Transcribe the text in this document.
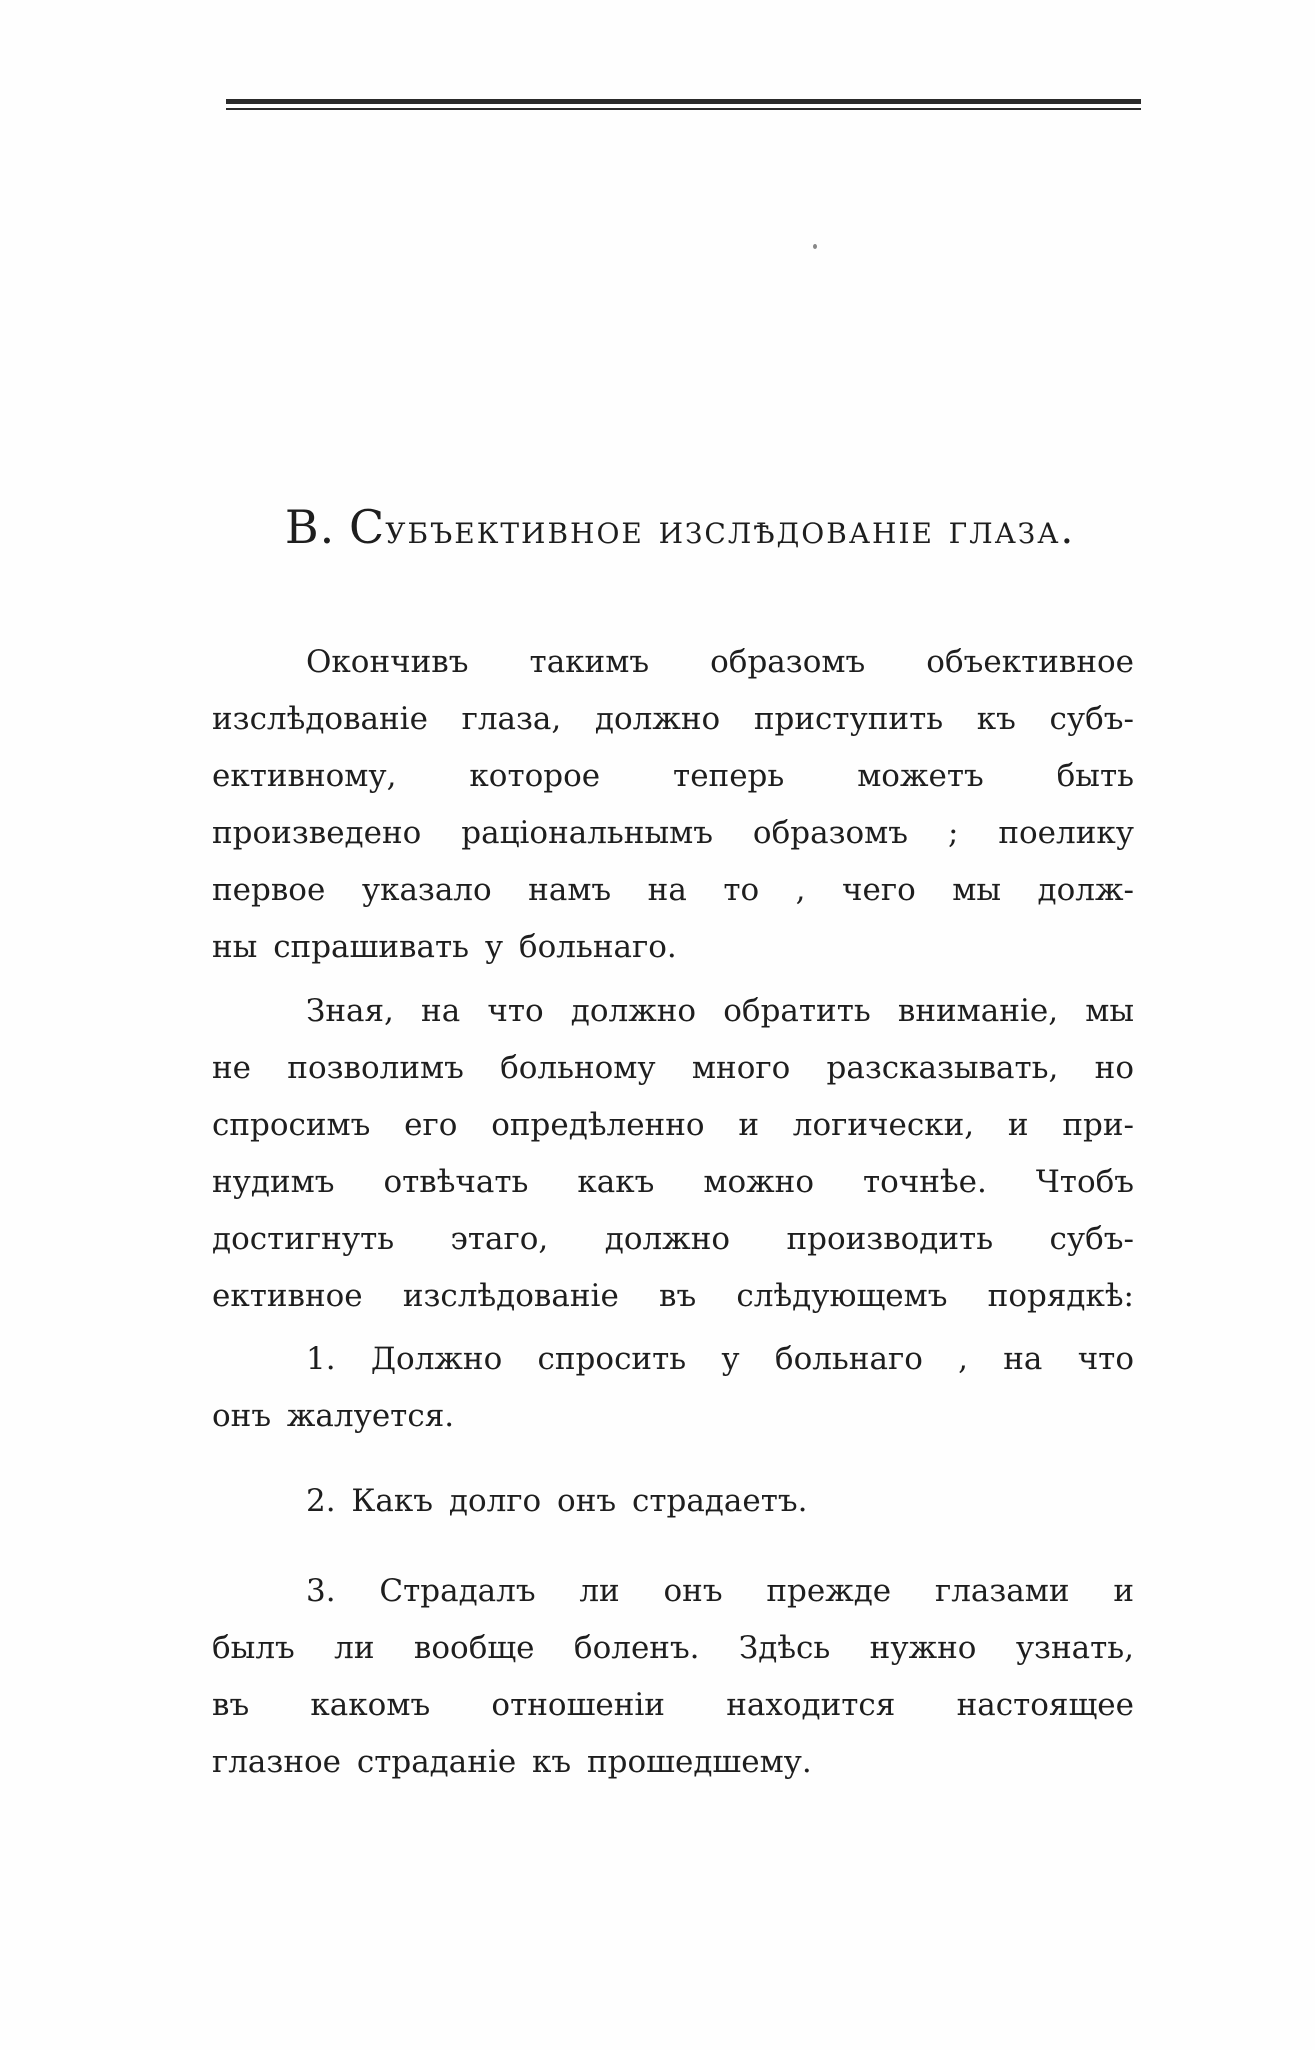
В. Субъективное изслѣдованіе глаза.
Окончивъ такимъ образомъ объективное
изслѣдованіе глаза, должно приступить къ субъ-
ективному, которое теперь можетъ быть
произведено раціональнымъ образомъ ; поелику
первое указало намъ на то , чего мы долж-
ны спрашивать у больнаго.
Зная, на что должно обратить вниманіе, мы
не позволимъ больному много разсказывать, но
спросимъ его опредѣленно и логически, и при-
нудимъ отвѣчать какъ можно точнѣе. Чтобъ
достигнуть этаго, должно производить субъ-
ективное изслѣдованіе въ слѣдующемъ порядкѣ:
1. Должно спросить у больнаго , на что
онъ жалуется.
2. Какъ долго онъ страдаетъ.
3. Страдалъ ли онъ прежде глазами и
былъ ли вообще боленъ. Здѣсь нужно узнать,
въ какомъ отношеніи находится настоящее
глазное страданіе къ прошедшему.
